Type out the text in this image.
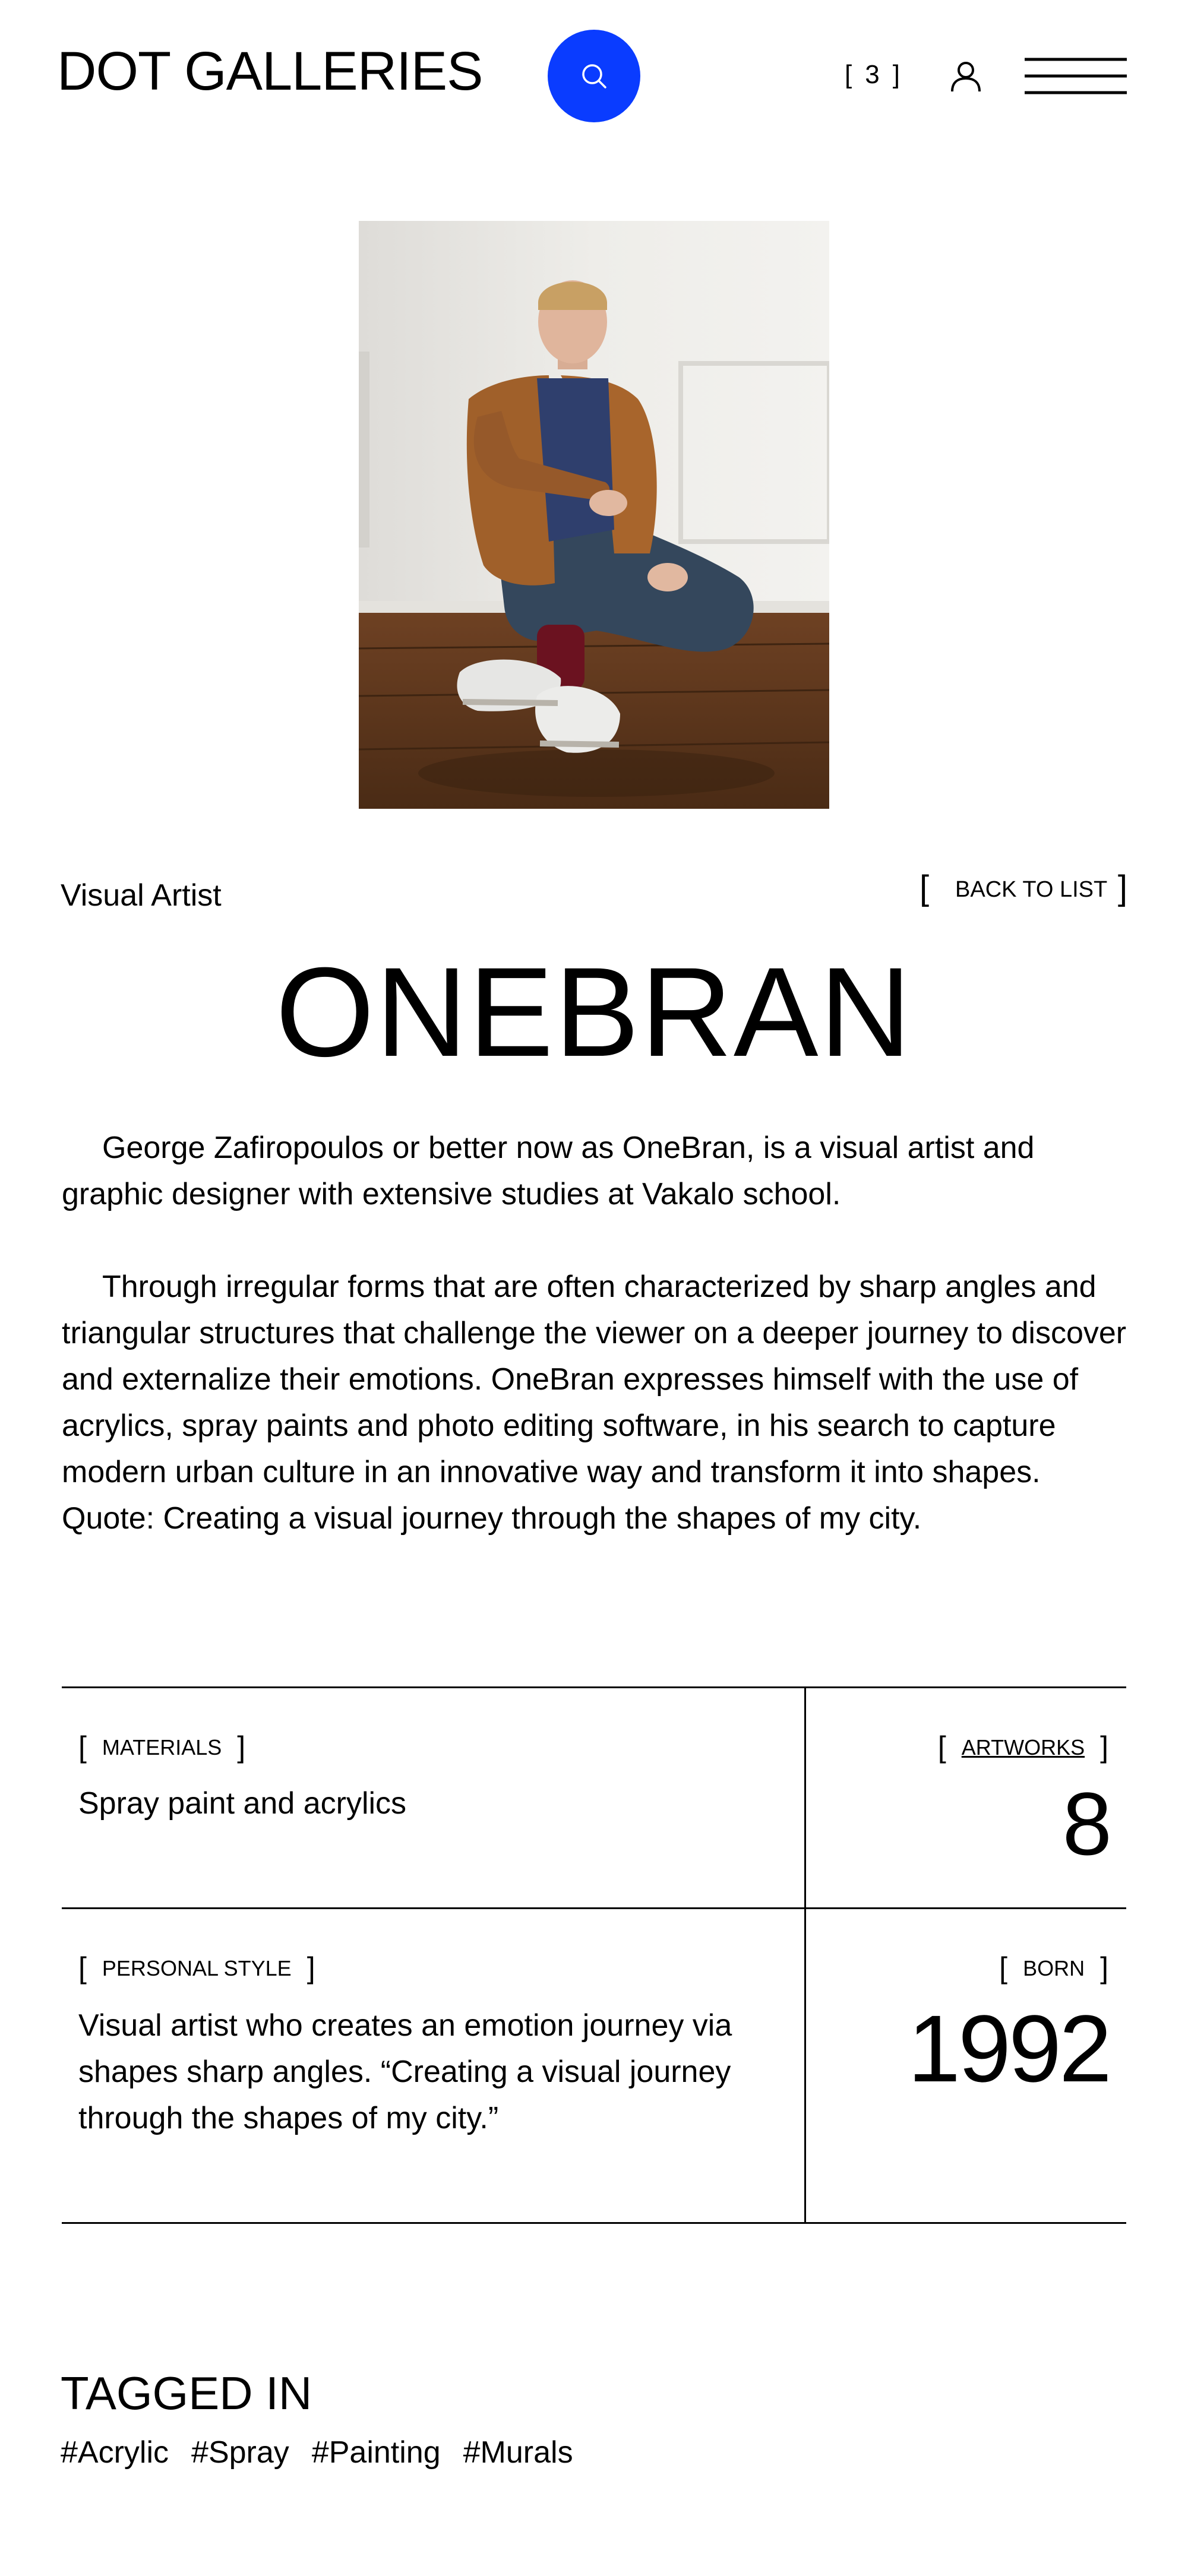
DOT GALLERIES	[ 3 ]
Visual Artist	[ BACK TO LIST ]
ONEBRAN

George Zafiropoulos or better now as OneBran, is a visual artist and graphic designer with extensive studies at Vakalo school.

Through irregular forms that are often characterized by sharp angles and triangular structures that challenge the viewer on a deeper journey to discover and externalize their emotions. OneBran expresses himself with the use of acrylics, spray paints and photo editing software, in his search to capture modern urban culture in an innovative way and transform it into shapes. Quote: Creating a visual journey through the shapes of my city.

[ MATERIALS ]
Spray paint and acrylics
[ ARTWORKS ]
8
[ PERSONAL STYLE ]
Visual artist who creates an emotion journey via shapes sharp angles. “Creating a visual journey through the shapes of my city.”
[ BORN ]
1992
TAGGED IN
#Acrylic #Spray #Painting #Murals
